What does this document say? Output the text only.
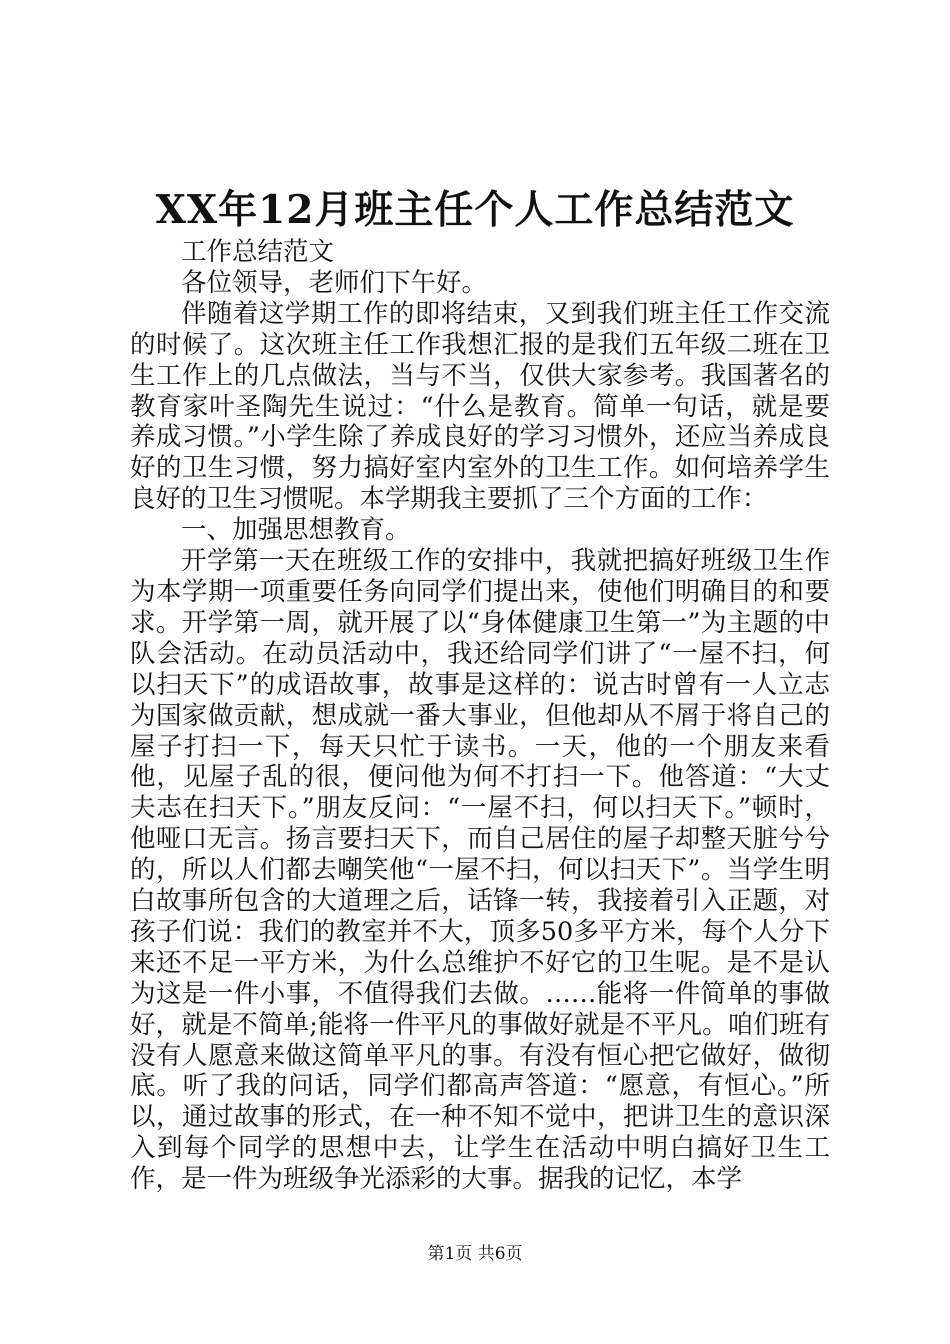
XX年12月班主任个人工作总结范文

工作总结范文

各位领导，老师们下午好。

伴随着这学期工作的即将结束，又到我们班主任工作交流的时候了。这次班主任工作我想汇报的是我们五年级二班在卫生工作上的几点做法，当与不当，仅供大家参考。我国著名的教育家叶圣陶先生说过：“什么是教育。简单一句话，就是要养成习惯。”小学生除了养成良好的学习习惯外，还应当养成良好的卫生习惯，努力搞好室内室外的卫生工作。如何培养学生良好的卫生习惯呢。本学期我主要抓了三个方面的工作：

一、加强思想教育。

开学第一天在班级工作的安排中，我就把搞好班级卫生作为本学期一项重要任务向同学们提出来，使他们明确目的和要求。开学第一周，就开展了以“身体健康卫生第一”为主题的中队会活动。在动员活动中，我还给同学们讲了“一屋不扫，何以扫天下”的成语故事，故事是这样的：说古时曾有一人立志为国家做贡献，想成就一番大事业，但他却从不屑于将自己的屋子打扫一下，每天只忙于读书。一天，他的一个朋友来看他，见屋子乱的很，便问他为何不打扫一下。他答道：“大丈夫志在扫天下。”朋友反问：“一屋不扫，何以扫天下。”顿时，他哑口无言。扬言要扫天下，而自己居住的屋子却整天脏兮兮的，所以人们都去嘲笑他“一屋不扫，何以扫天下”。当学生明白故事所包含的大道理之后，话锋一转，我接着引入正题，对孩子们说：我们的教室并不大，顶多50多平方米，每个人分下来还不足一平方米，为什么总维护不好它的卫生呢。是不是认为这是一件小事，不值得我们去做。……能将一件简单的事做好，就是不简单;能将一件平凡的事做好就是不平凡。咱们班有没有人愿意来做这简单平凡的事。有没有恒心把它做好，做彻底。听了我的问话，同学们都高声答道：“愿意，有恒心。”所以，通过故事的形式，在一种不知不觉中，把讲卫生的意识深入到每个同学的思想中去，让学生在活动中明白搞好卫生工作，是一件为班级争光添彩的大事。据我的记忆，本学

第1页 共6页
